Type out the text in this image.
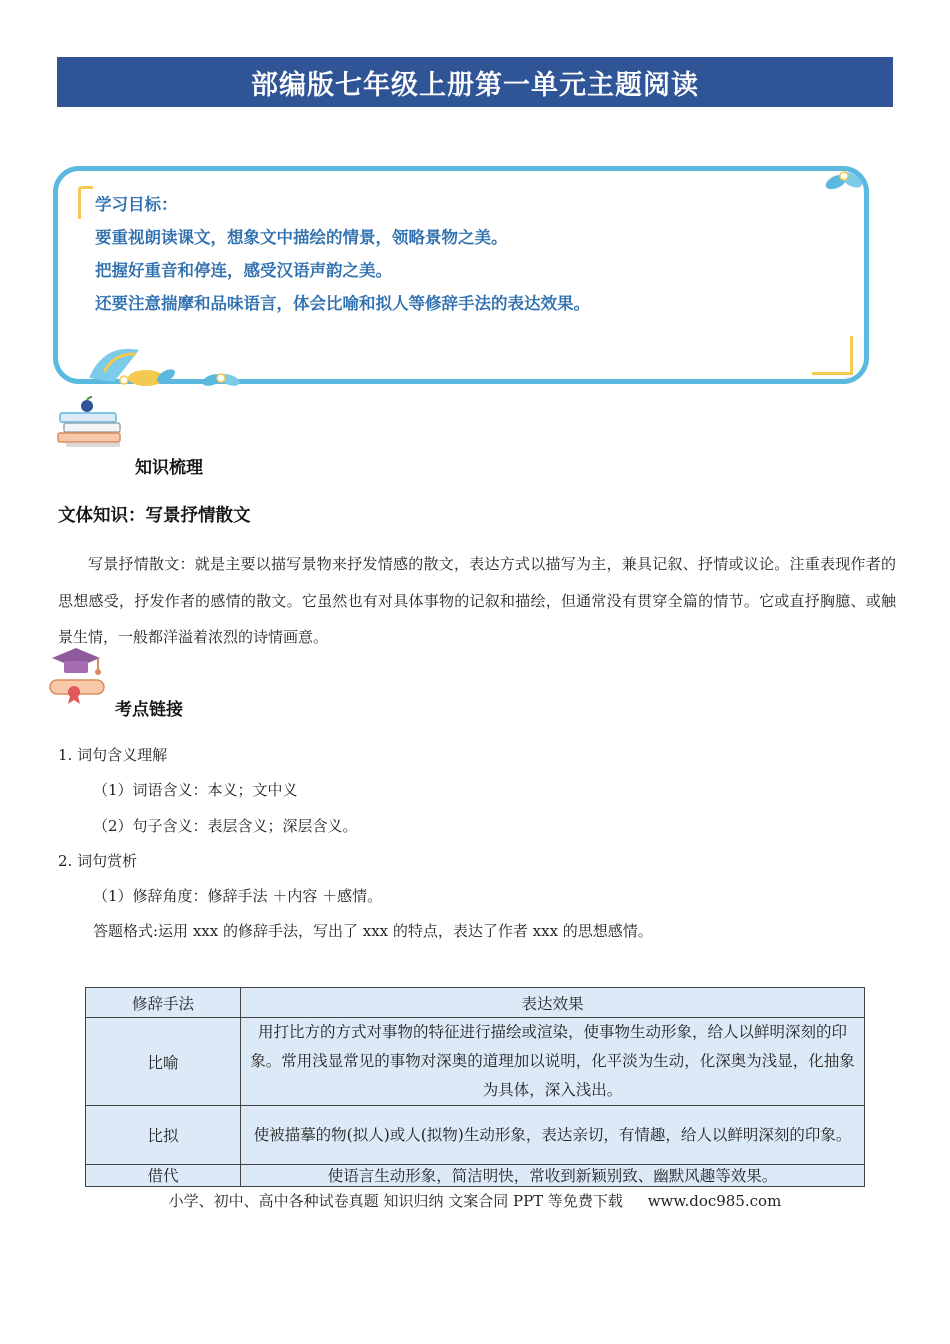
部编版七年级上册第一单元主题阅读
学习目标：
要重视朗读课文，想象文中描绘的情景，领略景物之美。
把握好重音和停连，感受汉语声韵之美。
还要注意揣摩和品味语言，体会比喻和拟人等修辞手法的表达效果。
知识梳理
文体知识：写景抒情散文
写景抒情散文：就是主要以描写景物来抒发情感的散文，表达方式以描写为主，兼具记叙、抒情或议论。注重表现作者的思想感受，抒发作者的感情的散文。它虽然也有对具体事物的记叙和描绘，但通常没有贯穿全篇的情节。它或直抒胸臆、或触景生情，一般都洋溢着浓烈的诗情画意。
考点链接
1. 词句含义理解
（1）词语含义：本义；文中义
（2）句子含义：表层含义；深层含义。
2. 词句赏析
（1）修辞角度：修辞手法 ＋内容 ＋感情。
答题格式:运用 xxx 的修辞手法，写出了 xxx 的特点，表达了作者 xxx 的思想感情。
修辞手法	表达效果
比喻	用打比方的方式对事物的特征进行描绘或渲染，使事物生动形象，给人以鲜明深刻的印象。常用浅显常见的事物对深奥的道理加以说明，化平淡为生动，化深奥为浅显，化抽象为具体，深入浅出。
比拟	使被描摹的物(拟人)或人(拟物)生动形象，表达亲切，有情趣，给人以鲜明深刻的印象。
借代	使语言生动形象，简洁明快，常收到新颖别致、幽默风趣等效果。
小学、初中、高中各种试卷真题 知识归纳 文案合同 PPT 等免费下载 www.doc985.com
